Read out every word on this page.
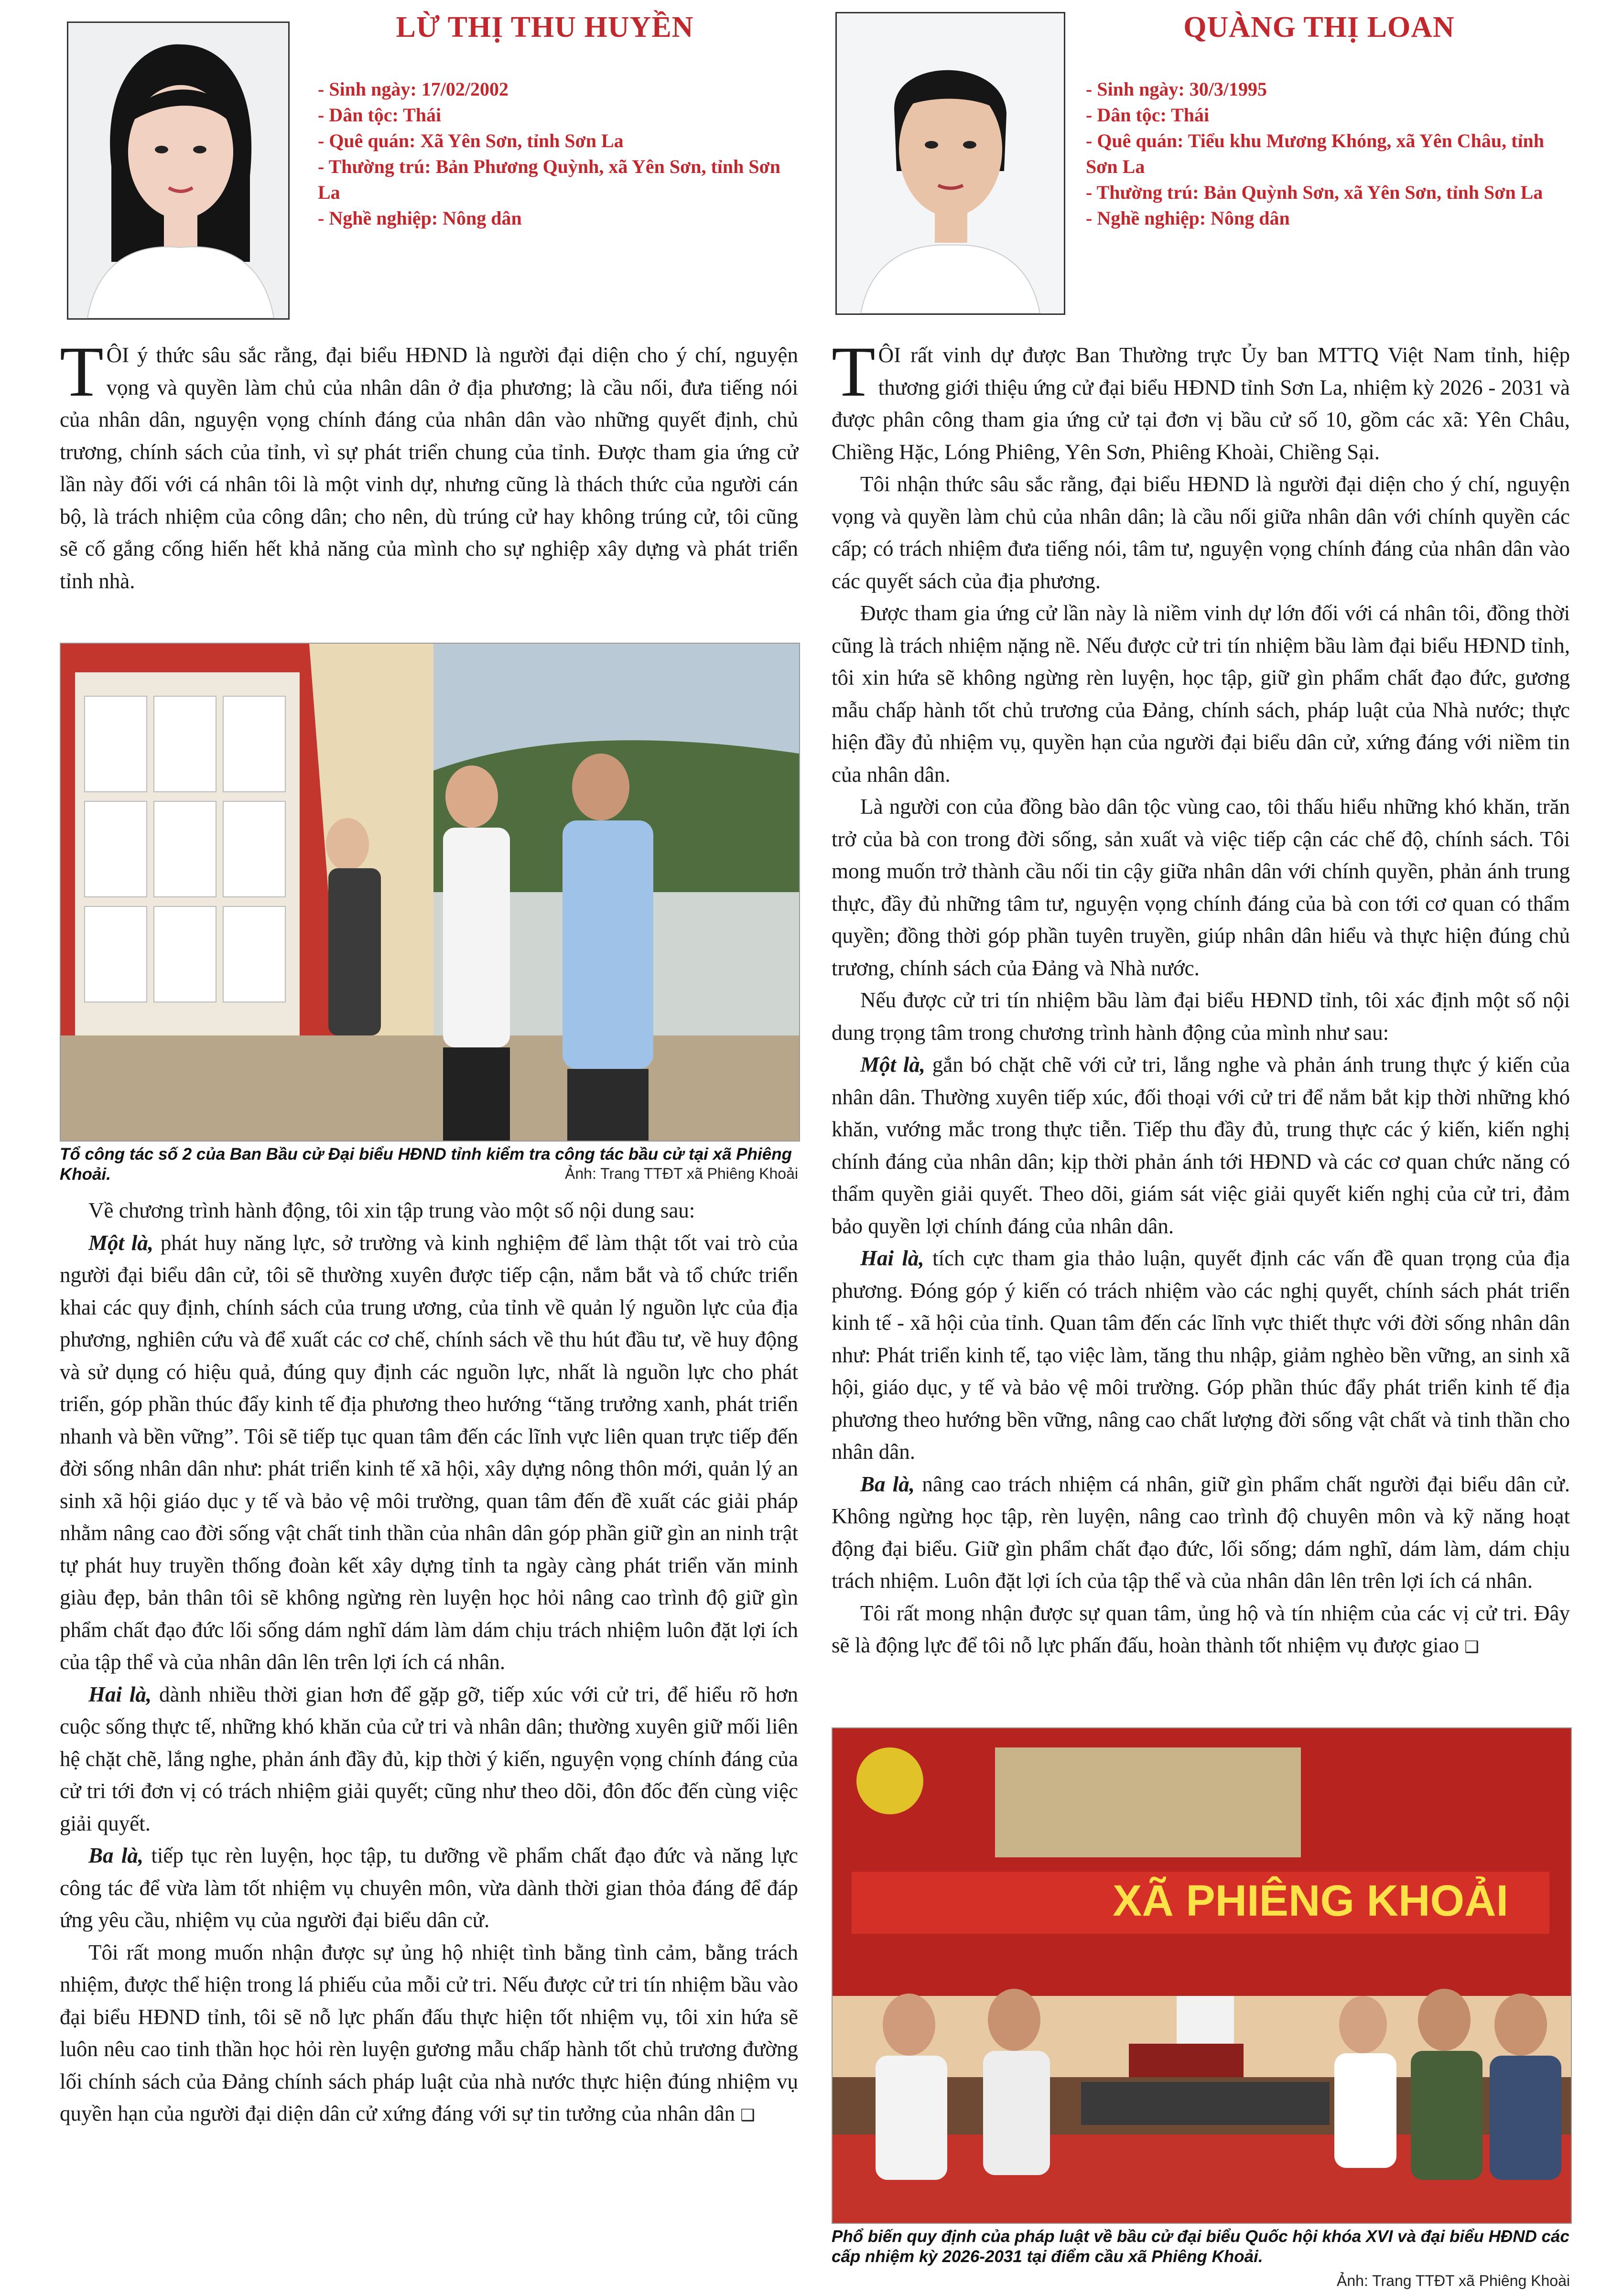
LỪ THỊ THU HUYỀN
- Sinh ngày: 17/02/2002
- Dân tộc: Thái
- Quê quán: Xã Yên Sơn, tỉnh Sơn La
- Thường trú: Bản Phương Quỳnh, xã Yên Sơn, tỉnh Sơn La
- Nghề nghiệp: Nông dân
QUÀNG THỊ LOAN
- Sinh ngày: 30/3/1995
- Dân tộc: Thái
- Quê quán: Tiểu khu Mương Khóng, xã Yên Châu, tỉnh Sơn La
- Thường trú: Bản Quỳnh Sơn, xã Yên Sơn, tỉnh Sơn La
- Nghề nghiệp: Nông dân

TÔI ý thức sâu sắc rằng, đại biểu HĐND là người đại diện cho ý chí, nguyện vọng và quyền làm chủ của nhân dân ở địa phương; là cầu nối, đưa tiếng nói của nhân dân, nguyện vọng chính đáng của nhân dân vào những quyết định, chủ trương, chính sách của tỉnh, vì sự phát triển chung của tỉnh. Được tham gia ứng cử lần này đối với cá nhân tôi là một vinh dự, nhưng cũng là thách thức của người cán bộ, là trách nhiệm của công dân; cho nên, dù trúng cử hay không trúng cử, tôi cũng sẽ cố gắng cống hiến hết khả năng của mình cho sự nghiệp xây dựng và phát triển tỉnh nhà.

Tổ công tác số 2 của Ban Bầu cử Đại biểu HĐND tỉnh kiểm tra công tác bầu cử tại xã Phiêng Khoải.	Ảnh: Trang TTĐT xã Phiêng Khoải

Về chương trình hành động, tôi xin tập trung vào một số nội dung sau:

Một là, phát huy năng lực, sở trường và kinh nghiệm để làm thật tốt vai trò của người đại biểu dân cử, tôi sẽ thường xuyên được tiếp cận, nắm bắt và tổ chức triển khai các quy định, chính sách của trung ương, của tỉnh về quản lý nguồn lực của địa phương, nghiên cứu và để xuất các cơ chế, chính sách về thu hút đầu tư, về huy động và sử dụng có hiệu quả, đúng quy định các nguồn lực, nhất là nguồn lực cho phát triển, góp phần thúc đẩy kinh tế địa phương theo hướng “tăng trưởng xanh, phát triển nhanh và bền vững”. Tôi sẽ tiếp tục quan tâm đến các lĩnh vực liên quan trực tiếp đến đời sống nhân dân như: phát triển kinh tế xã hội, xây dựng nông thôn mới, quản lý an sinh xã hội giáo dục y tế và bảo vệ môi trường, quan tâm đến đề xuất các giải pháp nhằm nâng cao đời sống vật chất tinh thần của nhân dân góp phần giữ gìn an ninh trật tự phát huy truyền thống đoàn kết xây dựng tỉnh ta ngày càng phát triển văn minh giàu đẹp, bản thân tôi sẽ không ngừng rèn luyện học hỏi nâng cao trình độ giữ gìn phẩm chất đạo đức lối sống dám nghĩ dám làm dám chịu trách nhiệm luôn đặt lợi ích của tập thể và của nhân dân lên trên lợi ích cá nhân.

Hai là, dành nhiều thời gian hơn để gặp gỡ, tiếp xúc với cử tri, để hiểu rõ hơn cuộc sống thực tế, những khó khăn của cử tri và nhân dân; thường xuyên giữ mối liên hệ chặt chẽ, lắng nghe, phản ánh đầy đủ, kịp thời ý kiến, nguyện vọng chính đáng của cử tri tới đơn vị có trách nhiệm giải quyết; cũng như theo dõi, đôn đốc đến cùng việc giải quyết.

Ba là, tiếp tục rèn luyện, học tập, tu dưỡng về phẩm chất đạo đức và năng lực công tác để vừa làm tốt nhiệm vụ chuyên môn, vừa dành thời gian thỏa đáng để đáp ứng yêu cầu, nhiệm vụ của người đại biểu dân cử.

Tôi rất mong muốn nhận được sự ủng hộ nhiệt tình bằng tình cảm, bằng trách nhiệm, được thể hiện trong lá phiếu của mỗi cử tri. Nếu được cử tri tín nhiệm bầu vào đại biểu HĐND tỉnh, tôi sẽ nỗ lực phấn đấu thực hiện tốt nhiệm vụ, tôi xin hứa sẽ luôn nêu cao tinh thần học hỏi rèn luyện gương mẫu chấp hành tốt chủ trương đường lối chính sách của Đảng chính sách pháp luật của nhà nước thực hiện đúng nhiệm vụ quyền hạn của người đại diện dân cử xứng đáng với sự tin tưởng của nhân dân ❑

TÔI rất vinh dự được Ban Thường trực Ủy ban MTTQ Việt Nam tỉnh, hiệp thương giới thiệu ứng cử đại biểu HĐND tỉnh Sơn La, nhiệm kỳ 2026 - 2031 và được phân công tham gia ứng cử tại đơn vị bầu cử số 10, gồm các xã: Yên Châu, Chiềng Hặc, Lóng Phiêng, Yên Sơn, Phiêng Khoài, Chiềng Sại.

Tôi nhận thức sâu sắc rằng, đại biểu HĐND là người đại diện cho ý chí, nguyện vọng và quyền làm chủ của nhân dân; là cầu nối giữa nhân dân với chính quyền các cấp; có trách nhiệm đưa tiếng nói, tâm tư, nguyện vọng chính đáng của nhân dân vào các quyết sách của địa phương.

Được tham gia ứng cử lần này là niềm vinh dự lớn đối với cá nhân tôi, đồng thời cũng là trách nhiệm nặng nề. Nếu được cử tri tín nhiệm bầu làm đại biểu HĐND tỉnh, tôi xin hứa sẽ không ngừng rèn luyện, học tập, giữ gìn phẩm chất đạo đức, gương mẫu chấp hành tốt chủ trương của Đảng, chính sách, pháp luật của Nhà nước; thực hiện đầy đủ nhiệm vụ, quyền hạn của người đại biểu dân cử, xứng đáng với niềm tin của nhân dân.

Là người con của đồng bào dân tộc vùng cao, tôi thấu hiểu những khó khăn, trăn trở của bà con trong đời sống, sản xuất và việc tiếp cận các chế độ, chính sách. Tôi mong muốn trở thành cầu nối tin cậy giữa nhân dân với chính quyền, phản ánh trung thực, đầy đủ những tâm tư, nguyện vọng chính đáng của bà con tới cơ quan có thẩm quyền; đồng thời góp phần tuyên truyền, giúp nhân dân hiểu và thực hiện đúng chủ trương, chính sách của Đảng và Nhà nước.

Nếu được cử tri tín nhiệm bầu làm đại biểu HĐND tỉnh, tôi xác định một số nội dung trọng tâm trong chương trình hành động của mình như sau:

Một là, gắn bó chặt chẽ với cử tri, lắng nghe và phản ánh trung thực ý kiến của nhân dân. Thường xuyên tiếp xúc, đối thoại với cử tri để nắm bắt kịp thời những khó khăn, vướng mắc trong thực tiễn. Tiếp thu đầy đủ, trung thực các ý kiến, kiến nghị chính đáng của nhân dân; kịp thời phản ánh tới HĐND và các cơ quan chức năng có thẩm quyền giải quyết. Theo dõi, giám sát việc giải quyết kiến nghị của cử tri, đảm bảo quyền lợi chính đáng của nhân dân.

Hai là, tích cực tham gia thảo luận, quyết định các vấn đề quan trọng của địa phương. Đóng góp ý kiến có trách nhiệm vào các nghị quyết, chính sách phát triển kinh tế - xã hội của tỉnh. Quan tâm đến các lĩnh vực thiết thực với đời sống nhân dân như: Phát triển kinh tế, tạo việc làm, tăng thu nhập, giảm nghèo bền vững, an sinh xã hội, giáo dục, y tế và bảo vệ môi trường. Góp phần thúc đẩy phát triển kinh tế địa phương theo hướng bền vững, nâng cao chất lượng đời sống vật chất và tinh thần cho nhân dân.

Ba là, nâng cao trách nhiệm cá nhân, giữ gìn phẩm chất người đại biểu dân cử. Không ngừng học tập, rèn luyện, nâng cao trình độ chuyên môn và kỹ năng hoạt động đại biểu. Giữ gìn phẩm chất đạo đức, lối sống; dám nghĩ, dám làm, dám chịu trách nhiệm. Luôn đặt lợi ích của tập thể và của nhân dân lên trên lợi ích cá nhân.

Tôi rất mong nhận được sự quan tâm, ủng hộ và tín nhiệm của các vị cử tri. Đây sẽ là động lực để tôi nỗ lực phấn đấu, hoàn thành tốt nhiệm vụ được giao ❑

XÃ PHIÊNG KHOẢI
Phổ biến quy định của pháp luật về bầu cử đại biểu Quốc hội khóa XVI và đại biểu HĐND các cấp nhiệm kỳ 2026-2031 tại điểm cầu xã Phiêng Khoải.
Ảnh: Trang TTĐT xã Phiêng Khoài
